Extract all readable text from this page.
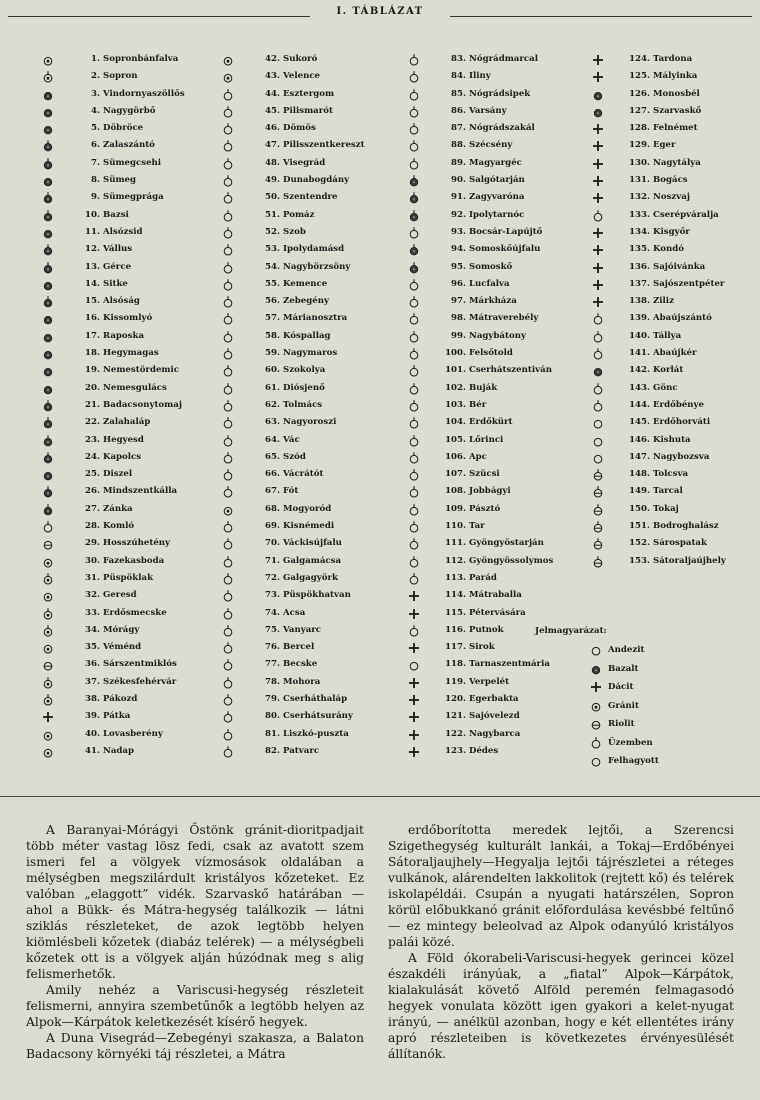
I. TÁBLÁZAT
1. Sopronbánfalva
2. Sopron
3. Vindornyaszöllős
4. Nagygörbő
5. Döbröce
6. Zalaszántó
7. Sümegcsehi
8. Sümeg
9. Sümegprága
10. Bazsi
11. Alsózsid
12. Vállus
13. Gérce
14. Sitke
15. Alsóság
16. Kissomlyó
17. Raposka
18. Hegymagas
19. Nemestördemic
20. Nemesgulács
21. Badacsonytomaj
22. Zalahaláp
23. Hegyesd
24. Kapolcs
25. Diszel
26. Mindszentkálla
27. Zánka
28. Komló
29. Hosszúhetény
30. Fazekasboda
31. Püspöklak
32. Geresd
33. Erdősmecske
34. Mórágy
35. Véménd
36. Sárszentmiklós
37. Székesfehérvár
38. Pákozd
39. Pátka
40. Lovasberény
41. Nadap
42. Sukoró
43. Velence
44. Esztergom
45. Pilismarót
46. Dömös
47. Pilisszentkereszt
48. Visegrád
49. Dunabogdány
50. Szentendre
51. Pomáz
52. Szob
53. Ipolydamásd
54. Nagybörzsöny
55. Kemence
56. Zebegény
57. Márianosztra
58. Kóspallag
59. Nagymaros
60. Szokolya
61. Diósjenő
62. Tolmács
63. Nagyoroszi
64. Vác
65. Szód
66. Vácrátót
67. Fót
68. Mogyoród
69. Kisnémedi
70. Váckisújfalu
71. Galgamácsa
72. Galgagyörk
73. Püspökhatvan
74. Acsa
75. Vanyarc
76. Bercel
77. Becske
78. Mohora
79. Cserháthaláp
80. Cserhátsurány
81. Liszkó-puszta
82. Patvarc
83. Nógrádmarcal
84. Iliny
85. Nógrádsipek
86. Varsány
87. Nógrádszakál
88. Szécsény
89. Magyargéc
90. Salgótarján
91. Zagyvaróna
92. Ipolytarnóc
93. Bocsár-Lapújtő
94. Somoskőújfalu
95. Somoskő
96. Lucfalva
97. Márkháza
98. Mátraverebély
99. Nagybátony
100. Felsőtold
101. Cserhátszentiván
102. Buják
103. Bér
104. Erdőkürt
105. Lőrinci
106. Apc
107. Szücsi
108. Jobbágyi
109. Pásztó
110. Tar
111. Gyöngyöstarján
112. Gyöngyössolymos
113. Parád
114. Mátraballa
115. Pétervására
116. Putnok
117. Sirok
118. Tarnaszentmária
119. Verpelét
120. Egerbakta
121. Sajóvelezd
122. Nagybarca
123. Dédes
124. Tardona
125. Mályinka
126. Monosbél
127. Szarvaskő
128. Felnémet
129. Eger
130. Nagytálya
131. Bogács
132. Noszvaj
133. Cserépváralja
134. Kisgyőr
135. Kondó
136. Sajóivánka
137. Sajószentpéter
138. Ziliz
139. Abaújszántó
140. Tállya
141. Abaújkér
142. Korlát
143. Gönc
144. Erdőbénye
145. Erdőhorváti
146. Kishuta
147. Nagybozsva
148. Tolcsva
149. Tarcal
150. Tokaj
151. Bodroghalász
152. Sárospatak
153. Sátoraljaújhely
Jelmagyarázat:
Andezit
Bazalt
Dácit
Gránit
Riolit
Üzemben
Felhagyott

A Baranyai-Mórágyi Őstönk gránit-dioritpadjait több méter vastag lösz fedi, csak az avatott szem ismeri fel a völgyek vízmosások oldalában a mélységben megszilárdult kristályos kőzeteket. Ez valóban „elaggott” vidék. Szarvaskő határában — ahol a Bükk- és Mátra-hegység találkozik — látni sziklás részleteket, de azok legtöbb helyen kiömlésbeli kőzetek (diabáz telérek) — a mélységbeli kőzetek ott is a völgyek alján húzódnak meg s alig felismerhetők.

Amily nehéz a Variscusi-hegység részleteit felismerni, annyira szembetűnők a legtöbb helyen az Alpok—Kárpátok keletkezését kísérő hegyek.

A Duna Visegrád—Zebegényi szakasza, a Balaton Badacsony környéki táj részletei, a Mátra

erdőborította meredek lejtői, a Szerencsi Szigethegység kulturált lankái, a Tokaj—Erdőbényei Sátoraljaujhely—Hegyalja lejtői tájrészletei a réteges vulkánok, alárendelten lakkolitok (rejtett kő) és telérek iskolapéldái. Csupán a nyugati határszélen, Sopron körül előbukkanó gránit előfordulása kevésbbé feltűnő — ez mintegy beleolvad az Alpok odanyúló kristályos palái közé.

A Föld ókorabeli-Variscusi-hegyek gerincei közel északdéli irányúak, a „fiatal” Alpok—Kárpátok, kialakulását követő Alföld peremén felmagasodó hegyek vonulata között igen gyakori a kelet-nyugat irányú, — anélkül azonban, hogy e két ellentétes irány apró részleteiben is következetes érvényesülését állítanók.
